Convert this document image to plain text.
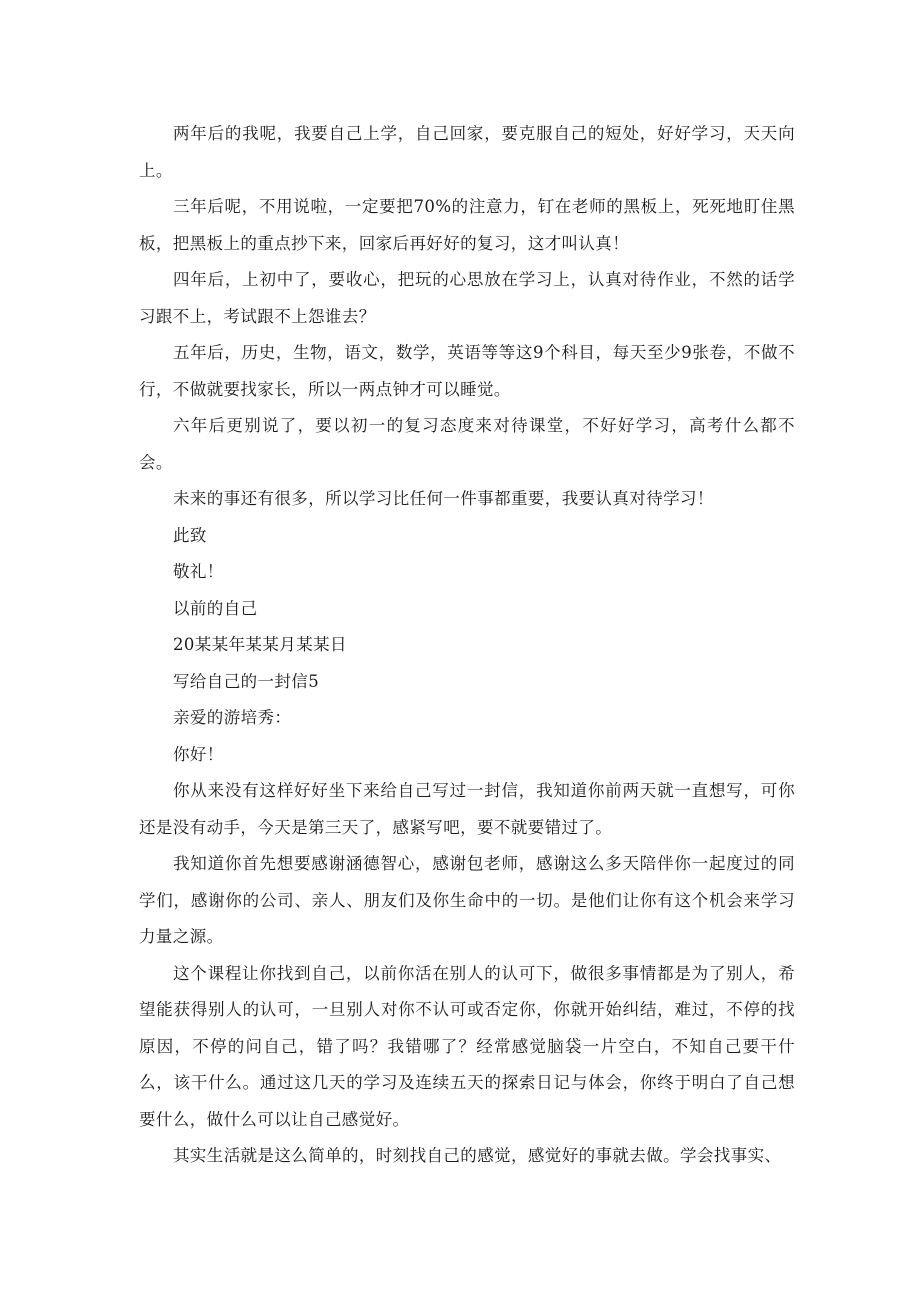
两年后的我呢，我要自己上学，自己回家，要克服自己的短处，好好学习，天天向上。

三年后呢，不用说啦，一定要把70%的注意力，钉在老师的黑板上，死死地盯住黑板，把黑板上的重点抄下来，回家后再好好的复习，这才叫认真！

四年后，上初中了，要收心，把玩的心思放在学习上，认真对待作业，不然的话学习跟不上，考试跟不上怨谁去？

五年后，历史，生物，语文，数学，英语等等这9个科目，每天至少9张卷，不做不行，不做就要找家长，所以一两点钟才可以睡觉。

六年后更别说了，要以初一的复习态度来对待课堂，不好好学习，高考什么都不会。

未来的事还有很多，所以学习比任何一件事都重要，我要认真对待学习！

此致

敬礼！

以前的自己

20某某年某某月某某日

写给自己的一封信5

亲爱的游培秀：

你好！

你从来没有这样好好坐下来给自己写过一封信，我知道你前两天就一直想写，可你还是没有动手，今天是第三天了，感紧写吧，要不就要错过了。

我知道你首先想要感谢涵德智心，感谢包老师，感谢这么多天陪伴你一起度过的同学们，感谢你的公司、亲人、朋友们及你生命中的一切。是他们让你有这个机会来学习力量之源。

这个课程让你找到自己，以前你活在别人的认可下，做很多事情都是为了别人，希望能获得别人的认可，一旦别人对你不认可或否定你，你就开始纠结，难过，不停的找原因，不停的问自己，错了吗？我错哪了？经常感觉脑袋一片空白，不知自己要干什么，该干什么。通过这几天的学习及连续五天的探索日记与体会，你终于明白了自己想要什么，做什么可以让自己感觉好。

其实生活就是这么简单的，时刻找自己的感觉，感觉好的事就去做。学会找事实、
